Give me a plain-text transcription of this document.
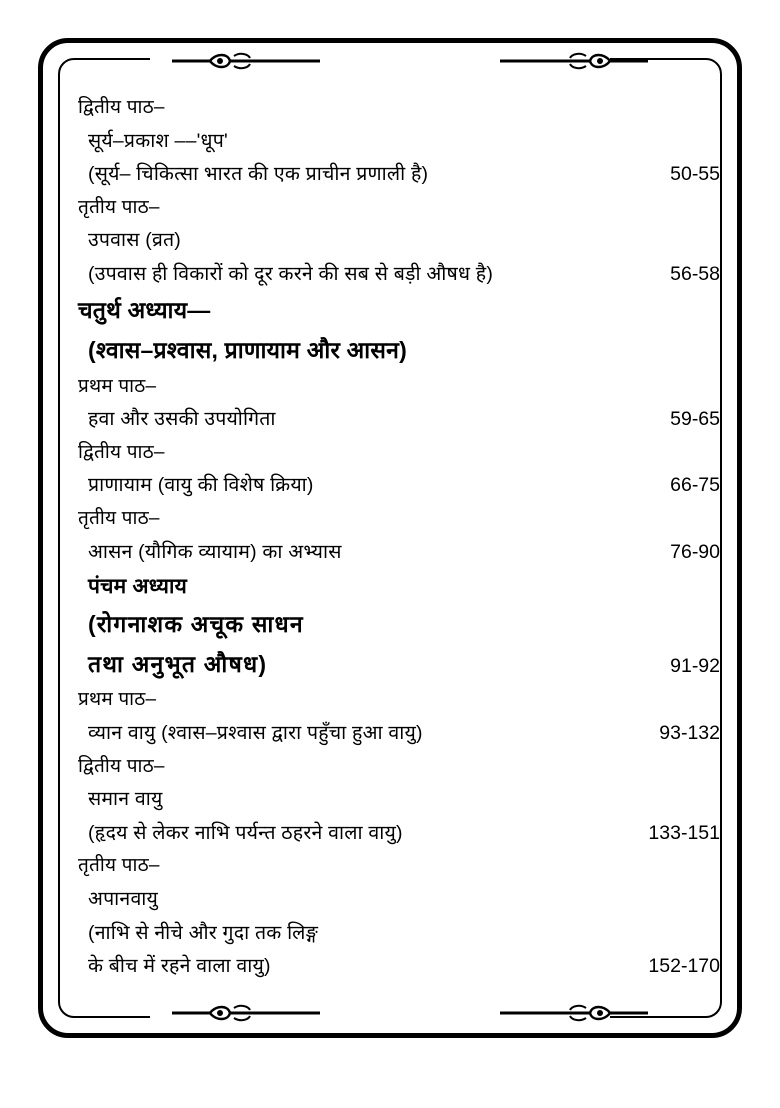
द्वितीय पाठ–
सूर्य–प्रकाश ––'धूप'
(सूर्य– चिकित्सा भारत की एक प्राचीन प्रणाली है)	50-55
तृतीय पाठ–
उपवास (व्रत)
(उपवास ही विकारों को दूर करने की सब से बड़ी औषध है)	56-58
चतुर्थ अध्याय—
(श्वास–प्रश्वास, प्राणायाम और आसन)
प्रथम पाठ–
हवा और उसकी उपयोगिता	59-65
द्वितीय पाठ–
प्राणायाम (वायु की विशेष क्रिया)	66-75
तृतीय पाठ–
आसन (यौगिक व्यायाम) का अभ्यास	76-90
पंचम अध्याय
(रोगनाशक अचूक साधन
तथा अनुभूत औषध)	91-92
प्रथम पाठ–
व्यान वायु (श्वास–प्रश्वास द्वारा पहुँचा हुआ वायु)	93-132
द्वितीय पाठ–
समान वायु
(हृदय से लेकर नाभि पर्यन्त ठहरने वाला वायु)	133-151
तृतीय पाठ–
अपानवायु
(नाभि से नीचे और गुदा तक लिङ्ग
के बीच में रहने वाला वायु)	152-170
